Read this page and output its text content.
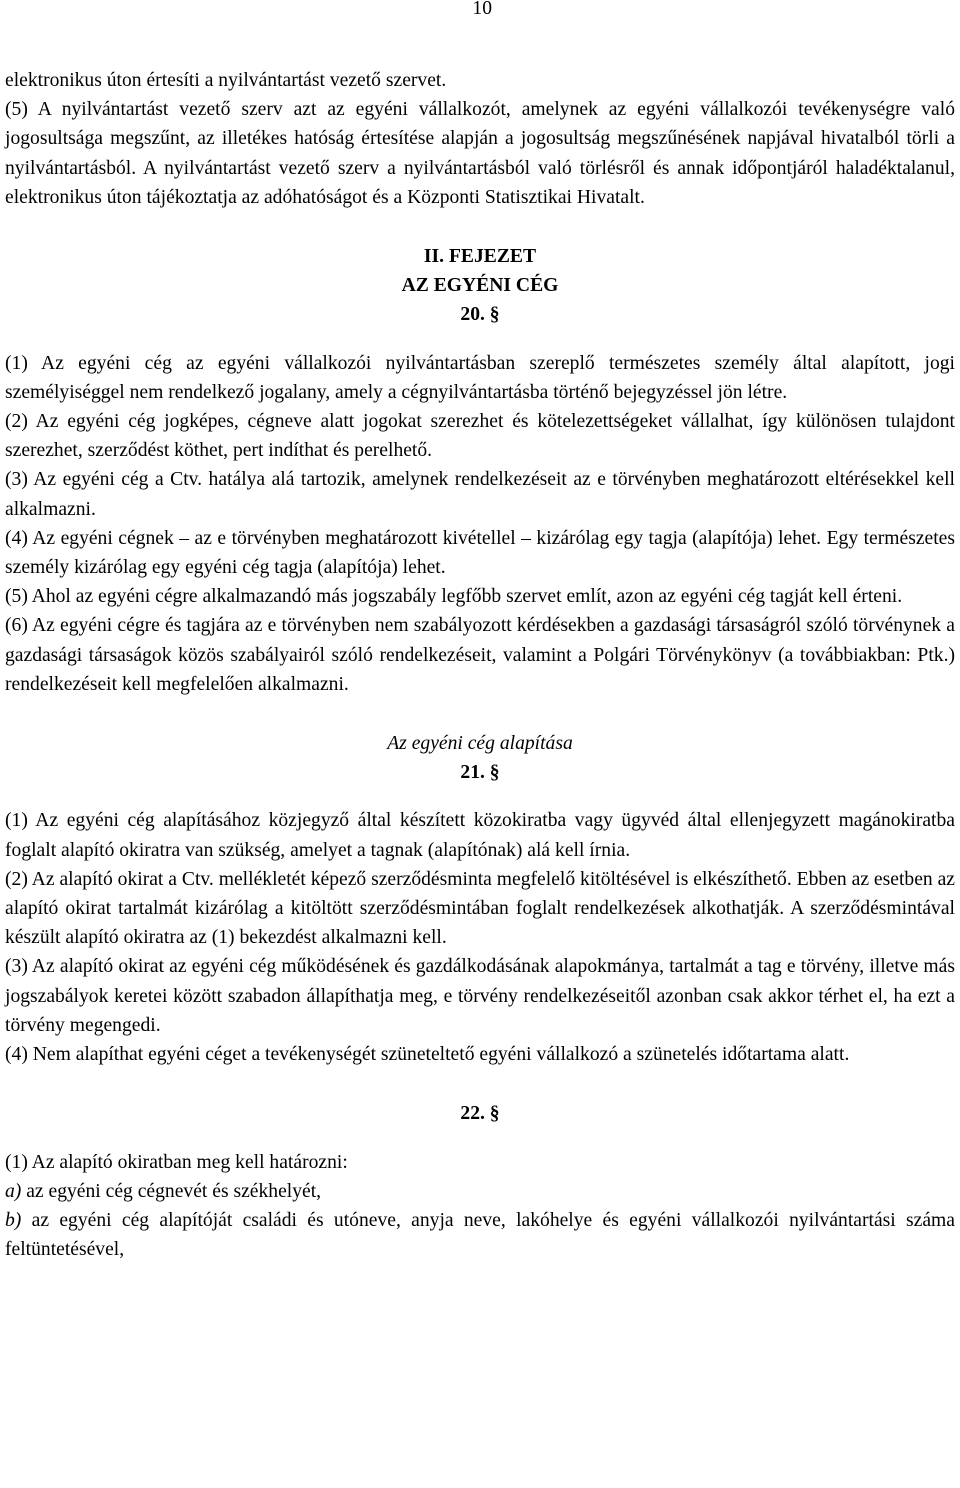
10

elektronikus úton értesíti a nyilvántartást vezető szervet.

(5) A nyilvántartást vezető szerv azt az egyéni vállalkozót, amelynek az egyéni vállalkozói tevékenységre való jogosultsága megszűnt, az illetékes hatóság értesítése alapján a jogosultság megszűnésének napjával hivatalból törli a nyilvántartásból. A nyilvántartást vezető szerv a nyilvántartásból való törlésről és annak időpontjáról haladéktalanul, elektronikus úton tájékoztatja az adóhatóságot és a Központi Statisztikai Hivatalt.

II. FEJEZET

AZ EGYÉNI CÉG

20. §

(1) Az egyéni cég az egyéni vállalkozói nyilvántartásban szereplő természetes személy által alapított, jogi személyiséggel nem rendelkező jogalany, amely a cégnyilvántartásba történő bejegyzéssel jön létre.

(2) Az egyéni cég jogképes, cégneve alatt jogokat szerezhet és kötelezettségeket vállalhat, így különösen tulajdont szerezhet, szerződést köthet, pert indíthat és perelhető.

(3) Az egyéni cég a Ctv. hatálya alá tartozik, amelynek rendelkezéseit az e törvényben meghatározott eltérésekkel kell alkalmazni.

(4) Az egyéni cégnek – az e törvényben meghatározott kivétellel – kizárólag egy tagja (alapítója) lehet. Egy természetes személy kizárólag egy egyéni cég tagja (alapítója) lehet.

(5) Ahol az egyéni cégre alkalmazandó más jogszabály legfőbb szervet említ, azon az egyéni cég tagját kell érteni.

(6) Az egyéni cégre és tagjára az e törvényben nem szabályozott kérdésekben a gazdasági társaságról szóló törvénynek a gazdasági társaságok közös szabályairól szóló rendelkezéseit, valamint a Polgári Törvénykönyv (a továbbiakban: Ptk.) rendelkezéseit kell megfelelően alkalmazni.

Az egyéni cég alapítása

21. §

(1) Az egyéni cég alapításához közjegyző által készített közokiratba vagy ügyvéd által ellenjegyzett magánokiratba foglalt alapító okiratra van szükség, amelyet a tagnak (alapítónak) alá kell írnia.

(2) Az alapító okirat a Ctv. mellékletét képező szerződésminta megfelelő kitöltésével is elkészíthető. Ebben az esetben az alapító okirat tartalmát kizárólag a kitöltött szerződésmintában foglalt rendelkezések alkothatják. A szerződésmintával készült alapító okiratra az (1) bekezdést alkalmazni kell.

(3) Az alapító okirat az egyéni cég működésének és gazdálkodásának alapokmánya, tartalmát a tag e törvény, illetve más jogszabályok keretei között szabadon állapíthatja meg, e törvény rendelkezéseitől azonban csak akkor térhet el, ha ezt a törvény megengedi.

(4) Nem alapíthat egyéni céget a tevékenységét szüneteltető egyéni vállalkozó a szünetelés időtartama alatt.

22. §

(1) Az alapító okiratban meg kell határozni:

a) az egyéni cég cégnevét és székhelyét,

b) az egyéni cég alapítóját családi és utóneve, anyja neve, lakóhelye és egyéni vállalkozói nyilvántartási száma feltüntetésével,
